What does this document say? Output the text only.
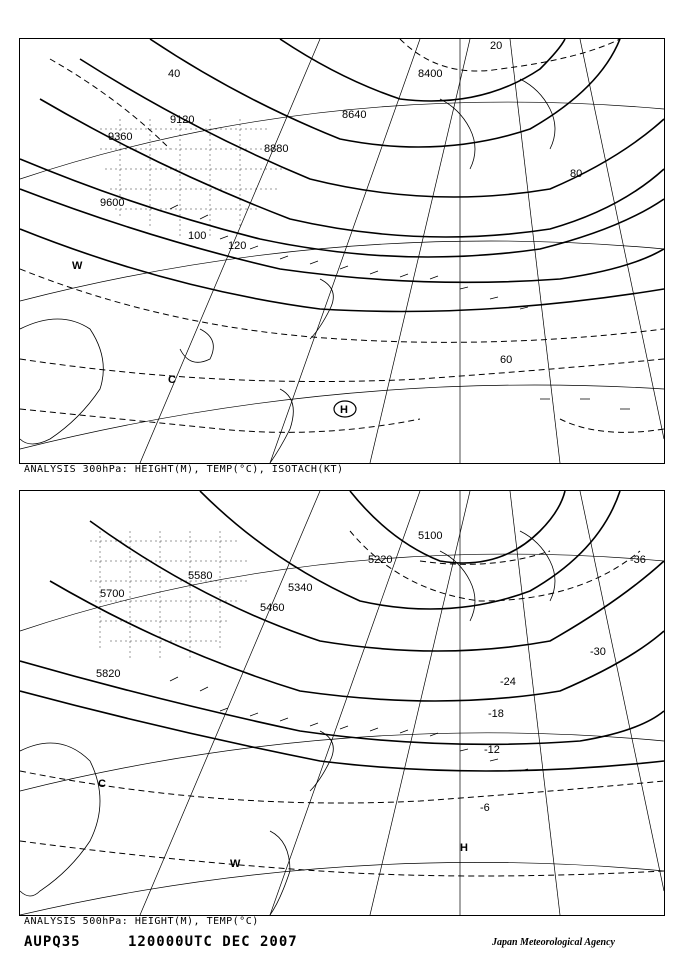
8400
9120	8640
8880
9360
9600
20
40
60
80
100
120
H
W
C
ANALYSIS 300hPa: HEIGHT(M), TEMP(°C), ISOTACH(KT)
5100
5220
5340
5460
5580
5700
5820
-36
-30
-24
-18
-12
-6
H
W
C
ANALYSIS 500hPa: HEIGHT(M), TEMP(°C)
AUPQ35	120000UTC DEC 2007	Japan Meteorological Agency
